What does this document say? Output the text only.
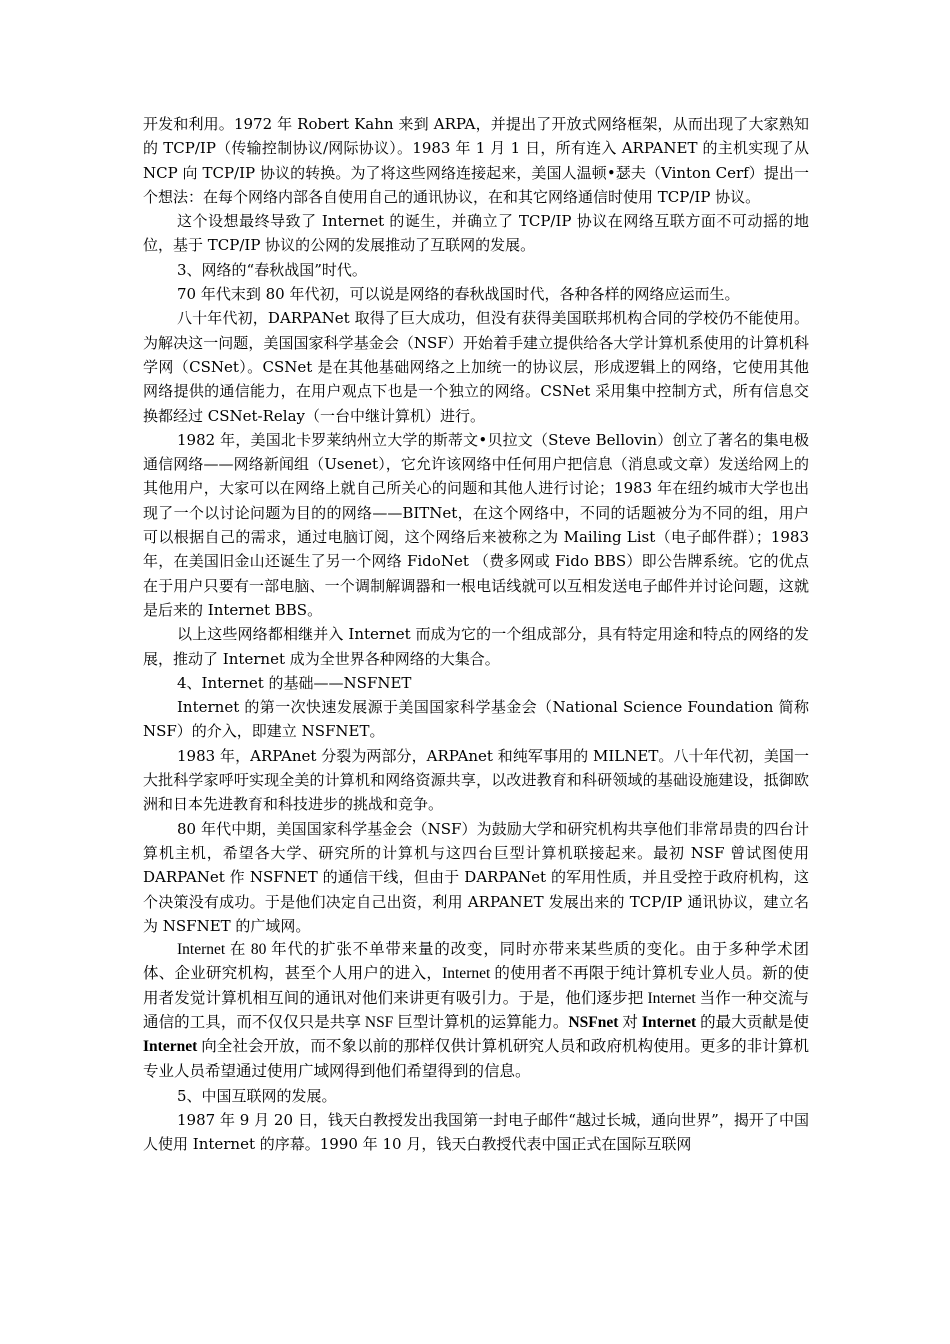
开发和利用。1972 年 Robert Kahn 来到 ARPA，并提出了开放式网络框架，从而出现了大家熟知的 TCP/IP（传输控制协议/网际协议）。1983 年 1 月 1 日，所有连入 ARPANET 的主机实现了从 NCP 向 TCP/IP 协议的转换。为了将这些网络连接起来，美国人温顿•瑟夫（Vinton Cerf）提出一个想法：在每个网络内部各自使用自己的通讯协议，在和其它网络通信时使用 TCP/IP 协议。

这个设想最终导致了 Internet 的诞生，并确立了 TCP/IP 协议在网络互联方面不可动摇的地位，基于 TCP/IP 协议的公网的发展推动了互联网的发展。

3、网络的“春秋战国”时代。

70 年代末到 80 年代初，可以说是网络的春秋战国时代，各种各样的网络应运而生。

八十年代初，DARPANet 取得了巨大成功，但没有获得美国联邦机构合同的学校仍不能使用。为解决这一问题，美国国家科学基金会（NSF）开始着手建立提供给各大学计算机系使用的计算机科学网（CSNet）。CSNet 是在其他基础网络之上加统一的协议层，形成逻辑上的网络，它使用其他网络提供的通信能力，在用户观点下也是一个独立的网络。CSNet 采用集中控制方式，所有信息交换都经过 CSNet-Relay（一台中继计算机）进行。

1982 年，美国北卡罗莱纳州立大学的斯蒂文•贝拉文（Steve Bellovin）创立了著名的集电极通信网络——网络新闻组（Usenet），它允许该网络中任何用户把信息（消息或文章）发送给网上的其他用户，大家可以在网络上就自己所关心的问题和其他人进行讨论；1983 年在纽约城市大学也出现了一个以讨论问题为目的的网络——BITNet，在这个网络中，不同的话题被分为不同的组，用户可以根据自己的需求，通过电脑订阅，这个网络后来被称之为 Mailing List（电子邮件群）；1983 年，在美国旧金山还诞生了另一个网络 FidoNet （费多网或 Fido BBS）即公告牌系统。它的优点在于用户只要有一部电脑、一个调制解调器和一根电话线就可以互相发送电子邮件并讨论问题，这就是后来的 Internet BBS。

以上这些网络都相继并入 Internet 而成为它的一个组成部分，具有特定用途和特点的网络的发展，推动了 Internet 成为全世界各种网络的大集合。

4、Internet 的基础——NSFNET

Internet 的第一次快速发展源于美国国家科学基金会（National Science Foundation 简称 NSF）的介入，即建立 NSFNET。

1983 年，ARPAnet 分裂为两部分，ARPAnet 和纯军事用的 MILNET。八十年代初，美国一大批科学家呼吁实现全美的计算机和网络资源共享，以改进教育和科研领域的基础设施建设，抵御欧洲和日本先进教育和科技进步的挑战和竞争。

80 年代中期，美国国家科学基金会（NSF）为鼓励大学和研究机构共享他们非常昂贵的四台计算机主机，希望各大学、研究所的计算机与这四台巨型计算机联接起来。最初 NSF 曾试图使用 DARPANet 作 NSFNET 的通信干线，但由于 DARPANet 的军用性质，并且受控于政府机构，这个决策没有成功。于是他们决定自己出资，利用 ARPANET 发展出来的 TCP/IP 通讯协议，建立名为 NSFNET 的广域网。

Internet 在 80 年代的扩张不单带来量的改变，同时亦带来某些质的变化。由于多种学术团体、企业研究机构，甚至个人用户的进入，Internet 的使用者不再限于纯计算机专业人员。新的使用者发觉计算机相互间的通讯对他们来讲更有吸引力。于是，他们逐步把 Internet 当作一种交流与通信的工具，而不仅仅只是共享 NSF 巨型计算机的运算能力。NSFnet 对 Internet 的最大贡献是使 Internet 向全社会开放，而不象以前的那样仅供计算机研究人员和政府机构使用。更多的非计算机专业人员希望通过使用广域网得到他们希望得到的信息。

5、中国互联网的发展。

1987 年 9 月 20 日，钱天白教授发出我国第一封电子邮件“越过长城，通向世界”，揭开了中国人使用 Internet 的序幕。1990 年 10 月，钱天白教授代表中国正式在国际互联网
